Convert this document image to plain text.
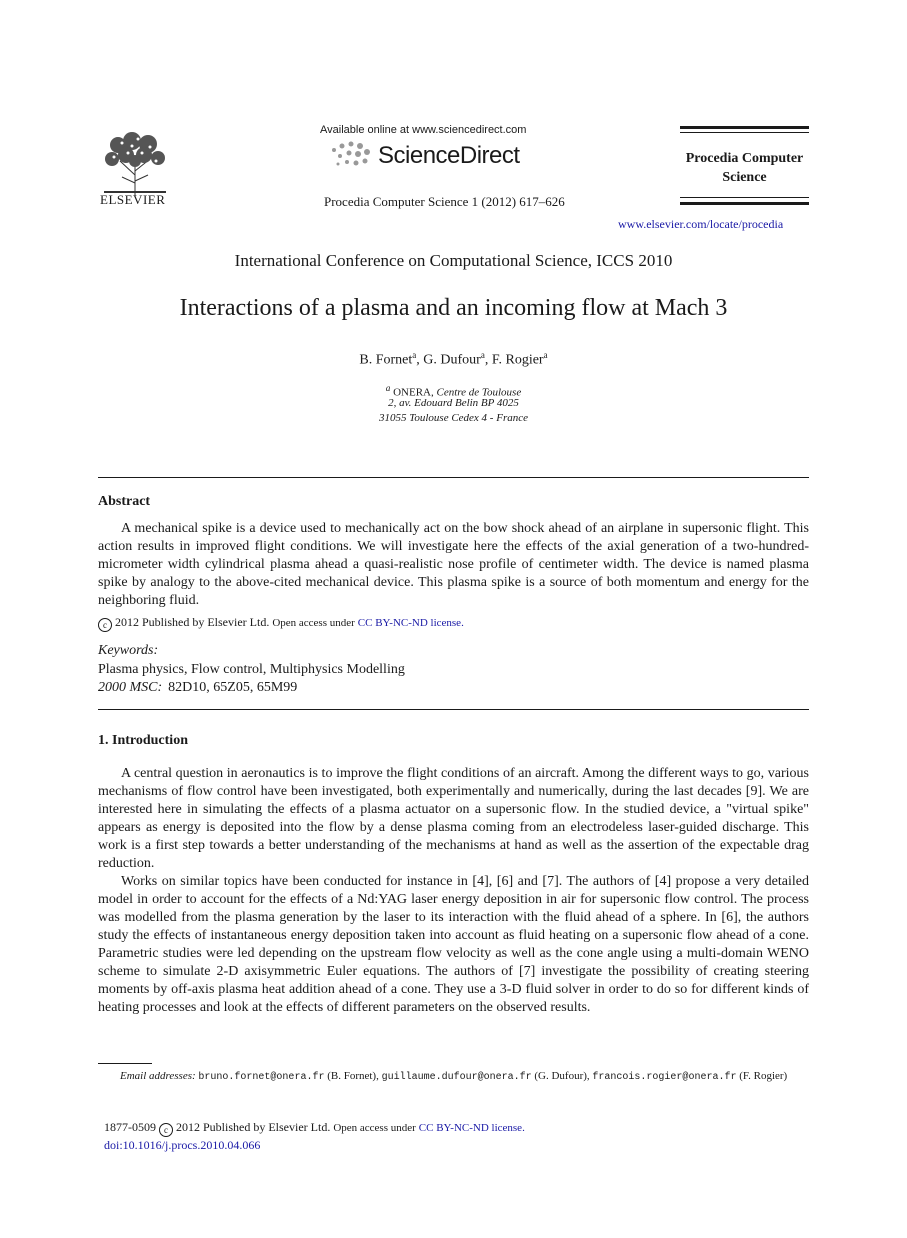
ELSEVIER
Available online at www.sciencedirect.com
ScienceDirect
Procedia Computer Science 1 (2012) 617–626
Procedia Computer
Science
www.elsevier.com/locate/procedia
International Conference on Computational Science, ICCS 2010
Interactions of a plasma and an incoming flow at Mach 3
B. Fornet$^a$, G. Dufour$^a$, F. Rogier$^a$
$^a$ ONERA, Centre de Toulouse
2, av. Edouard Belin BP 4025
31055 Toulouse Cedex 4 - France
Abstract

A mechanical spike is a device used to mechanically act on the bow shock ahead of an airplane in supersonic flight. This action results in improved flight conditions. We will investigate here the effects of the axial generation of a two-hundred-micrometer width cylindrical plasma ahead a quasi-realistic nose profile of centimeter width. The device is named plasma spike by analogy to the above-cited mechanical device. This plasma spike is a source of both momentum and energy for the neighboring fluid.

c 2012 Published by Elsevier Ltd. Open access under CC BY-NC-ND license.
Keywords:
Plasma physics, Flow control, Multiphysics Modelling
2000 MSC: 82D10, 65Z05, 65M99
1. Introduction

A central question in aeronautics is to improve the flight conditions of an aircraft. Among the different ways to go, various mechanisms of flow control have been investigated, both experimentally and numerically, during the last decades [9]. We are interested here in simulating the effects of a plasma actuator on a supersonic flow. In the studied device, a "virtual spike" appears as energy is deposited into the flow by a dense plasma coming from an electrodeless laser-guided discharge. This work is a first step towards a better understanding of the mechanisms at hand as well as the assertion of the expectable drag reduction.

Works on similar topics have been conducted for instance in [4], [6] and [7]. The authors of [4] propose a very detailed model in order to account for the effects of a Nd:YAG laser energy deposition in air for supersonic flow control. The process was modelled from the plasma generation by the laser to its interaction with the fluid ahead of a sphere. In [6], the authors study the effects of instantaneous energy deposition taken into account as fluid heating on a supersonic flow ahead of a cone. Parametric studies were led depending on the upstream flow velocity as well as the cone angle using a multi-domain WENO scheme to simulate 2-D axisymmetric Euler equations. The authors of [7] investigate the possibility of creating steering moments by off-axis plasma heat addition ahead of a cone. They use a 3-D fluid solver in order to do so for different kinds of heating processes and look at the effects of different parameters on the observed results.

Email addresses: bruno.fornet@onera.fr (B. Fornet), guillaume.dufour@onera.fr (G. Dufour), francois.rogier@onera.fr (F. Rogier)
1877-0509 c 2012 Published by Elsevier Ltd. Open access under CC BY-NC-ND license.
doi:10.1016/j.procs.2010.04.066
